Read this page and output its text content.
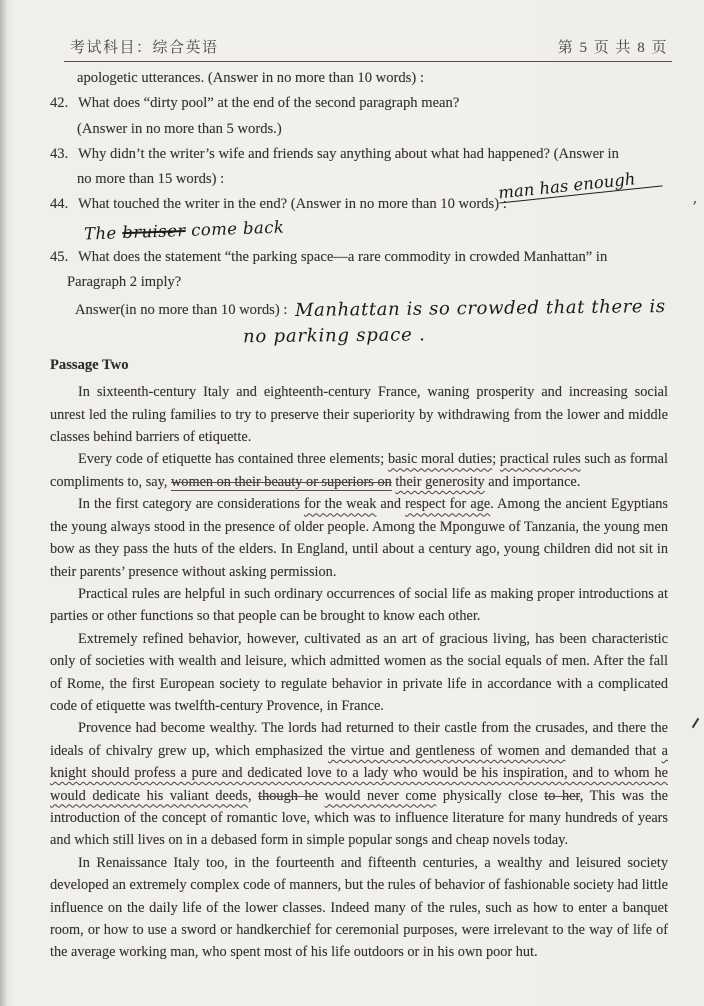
考试科目：综合英语	第 5 页 共 8 页
’
apologetic utterances. (Answer in no more than 10 words) :
42. What does “dirty pool” at the end of the second paragraph mean?
(Answer in no more than 5 words.)
43. Why didn’t the writer’s wife and friends say anything about what had happened? (Answer in
no more than 15 words) :
44. What touched the writer in the end? (Answer in no more than 10 words) :The bruiser come back
man has enough
45. What does the statement “the parking space—a rare commodity in crowded Manhattan” in
Paragraph 2 imply?
Answer(in no more than 10 words) : Manhattan is so crowded that there is
no parking space .
Passage Two

In sixteenth-century Italy and eighteenth-century France, waning prosperity and increasing social unrest led the ruling families to try to preserve their superiority by withdrawing from the lower and middle classes behind barriers of etiquette.

Every code of etiquette has contained three elements; basic moral duties; practical rules such as formal compliments to, say, women on their beauty or superiors on their generosity and importance.

In the first category are considerations for the weak and respect for age. Among the ancient Egyptians the young always stood in the presence of older people. Among the Mponguwe of Tanzania, the young men bow as they pass the huts of the elders. In England, until about a century ago, young children did not sit in their parents’ presence without asking permission.

Practical rules are helpful in such ordinary occurrences of social life as making proper introductions at parties or other functions so that people can be brought to know each other.

Extremely refined behavior, however, cultivated as an art of gracious living, has been characteristic only of societies with wealth and leisure, which admitted women as the social equals of men. After the fall of Rome, the first European society to regulate behavior in private life in accordance with a complicated code of etiquette was twelfth-century Provence, in France.

Provence had become wealthy. The lords had returned to their castle from the crusades, and there the ideals of chivalry grew up, which emphasized the virtue and gentleness of women and demanded that a knight should profess a pure and dedicated love to a lady who would be his inspiration, and to whom he would dedicate his valiant deeds, though he would never come physically close to her, This was the introduction of the concept of romantic love, which was to influence literature for many hundreds of years and which still lives on in a debased form in simple popular songs and cheap novels today.

In Renaissance Italy too, in the fourteenth and fifteenth centuries, a wealthy and leisured society developed an extremely complex code of manners, but the rules of behavior of fashionable society had little influence on the daily life of the lower classes. Indeed many of the rules, such as how to enter a banquet room, or how to use a sword or handkerchief for ceremonial purposes, were irrelevant to the way of life of the average working man, who spent most of his life outdoors or in his own poor hut.
